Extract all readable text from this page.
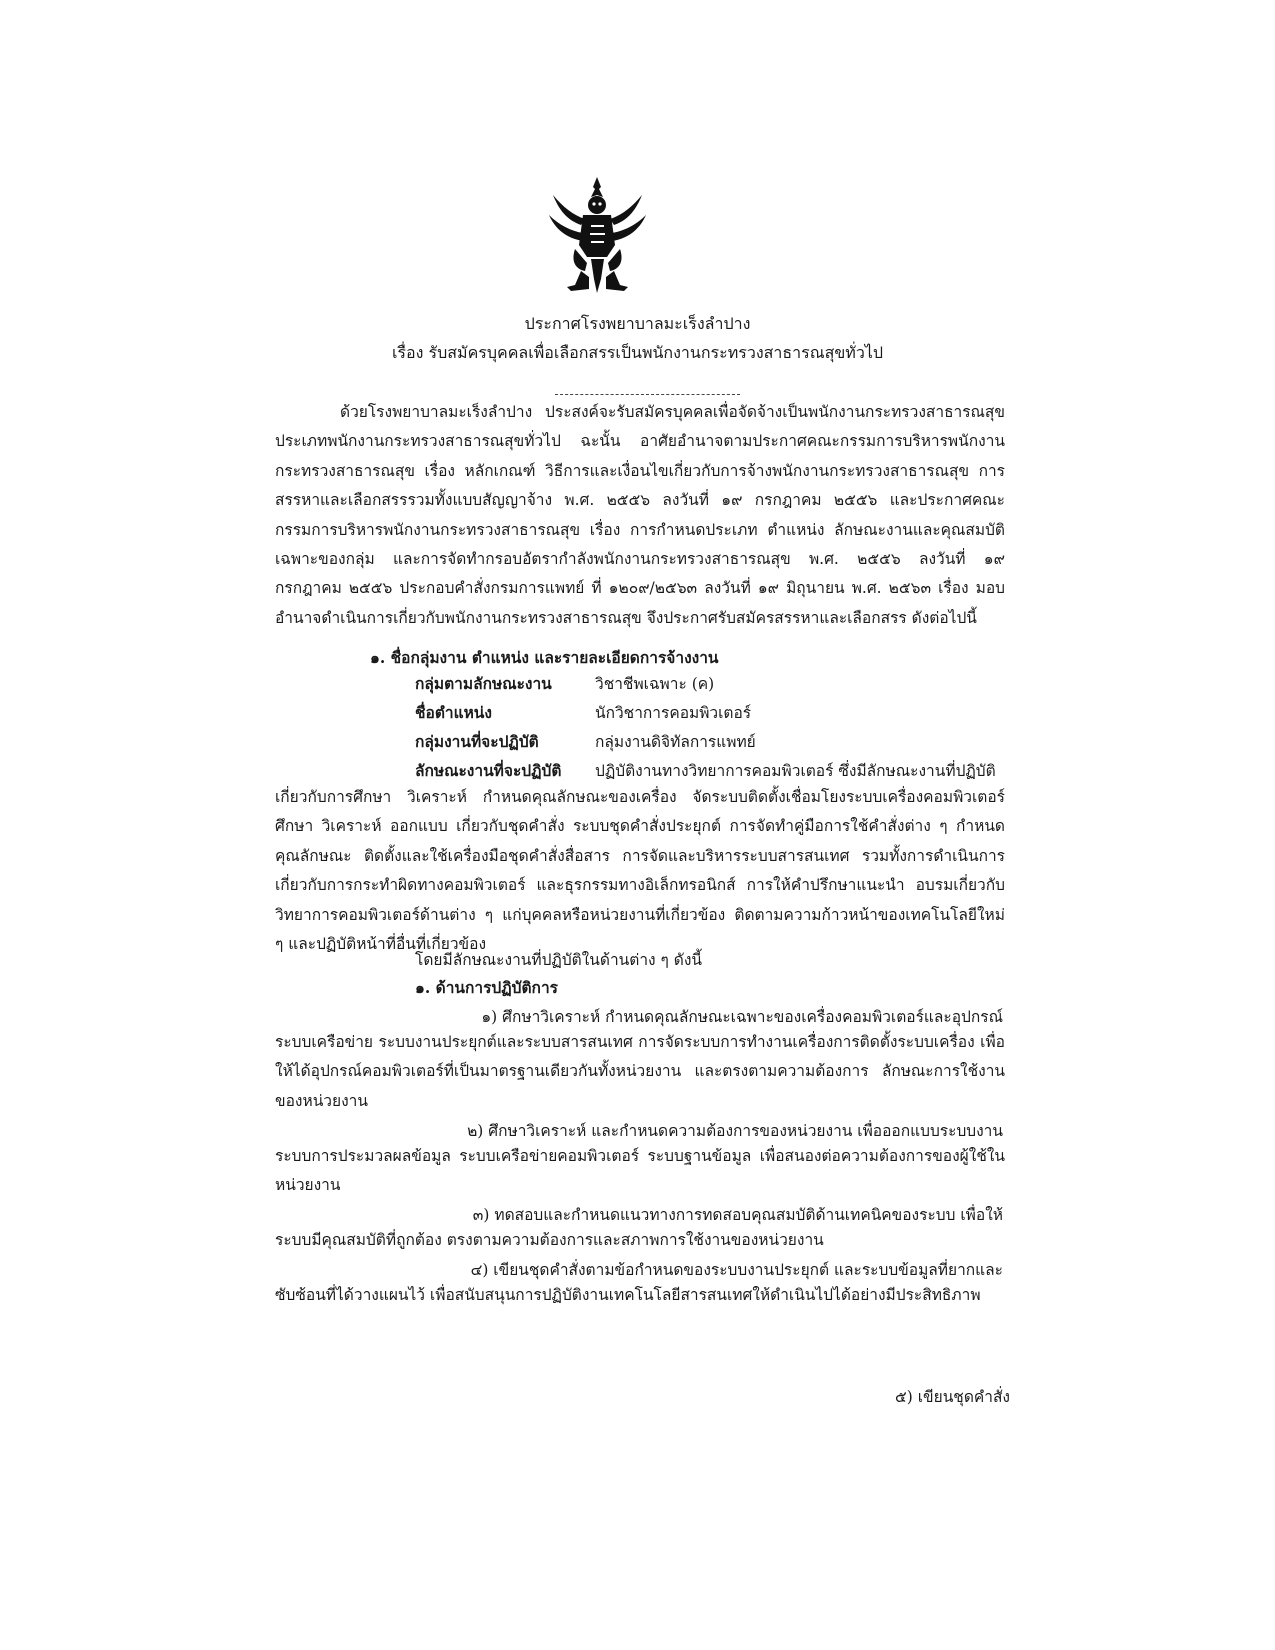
ประกาศโรงพยาบาลมะเร็งลำปาง
เรื่อง รับสมัครบุคคลเพื่อเลือกสรรเป็นพนักงานกระทรวงสาธารณสุขทั่วไป

ด้วยโรงพยาบาลมะเร็งลำปาง ประสงค์จะรับสมัครบุคคลเพื่อจัดจ้างเป็นพนักงานกระทรวงสาธารณสุข ประเภทพนักงานกระทรวงสาธารณสุขทั่วไป ฉะนั้น อาศัยอำนาจตามประกาศคณะกรรมการบริหารพนักงานกระทรวงสาธารณสุข เรื่อง หลักเกณฑ์ วิธีการและเงื่อนไขเกี่ยวกับการจ้างพนักงานกระทรวงสาธารณสุข การสรรหาและเลือกสรรรวมทั้งแบบสัญญาจ้าง พ.ศ. ๒๕๕๖ ลงวันที่ ๑๙ กรกฎาคม ๒๕๕๖ และประกาศคณะกรรมการบริหารพนักงานกระทรวงสาธารณสุข เรื่อง การกำหนดประเภท ตำแหน่ง ลักษณะงานและคุณสมบัติเฉพาะของกลุ่ม และการจัดทำกรอบอัตรากำลังพนักงานกระทรวงสาธารณสุข พ.ศ. ๒๕๕๖ ลงวันที่ ๑๙ กรกฎาคม ๒๕๕๖ ประกอบคำสั่งกรมการแพทย์ ที่ ๑๒๐๙/๒๕๖๓ ลงวันที่ ๑๙ มิถุนายน พ.ศ. ๒๕๖๓ เรื่อง มอบอำนาจดำเนินการเกี่ยวกับพนักงานกระทรวงสาธารณสุข จึงประกาศรับสมัครสรรหาและเลือกสรร ดังต่อไปนี้

๑. ชื่อกลุ่มงาน ตำแหน่ง และรายละเอียดการจ้างงาน
กลุ่มตามลักษณะงาน	วิชาชีพเฉพาะ (ค)
ชื่อตำแหน่ง	นักวิชาการคอมพิวเตอร์
กลุ่มงานที่จะปฏิบัติ	กลุ่มงานดิจิทัลการแพทย์
ลักษณะงานที่จะปฏิบัติ ปฏิบัติงานทางวิทยาการคอมพิวเตอร์ ซึ่งมีลักษณะงานที่ปฏิบัติ

เกี่ยวกับการศึกษา วิเคราะห์ กำหนดคุณลักษณะของเครื่อง จัดระบบติดตั้งเชื่อมโยงระบบเครื่องคอมพิวเตอร์ ศึกษา วิเคราะห์ ออกแบบ เกี่ยวกับชุดคำสั่ง ระบบชุดคำสั่งประยุกต์ การจัดทำคู่มือการใช้คำสั่งต่าง ๆ กำหนดคุณลักษณะ ติดตั้งและใช้เครื่องมือชุดคำสั่งสื่อสาร การจัดและบริหารระบบสารสนเทศ รวมทั้งการดำเนินการเกี่ยวกับการกระทำผิดทางคอมพิวเตอร์ และธุรกรรมทางอิเล็กทรอนิกส์ การให้คำปรึกษาแนะนำ อบรมเกี่ยวกับวิทยาการคอมพิวเตอร์ด้านต่าง ๆ แก่บุคคลหรือหน่วยงานที่เกี่ยวข้อง ติดตามความก้าวหน้าของเทคโนโลยีใหม่ ๆ และปฏิบัติหน้าที่อื่นที่เกี่ยวข้อง

โดยมีลักษณะงานที่ปฏิบัติในด้านต่าง ๆ ดังนี้
๑. ด้านการปฏิบัติการ
๑) ศึกษาวิเคราะห์ กำหนดคุณลักษณะเฉพาะของเครื่องคอมพิวเตอร์และอุปกรณ์

ระบบเครือข่าย ระบบงานประยุกต์และระบบสารสนเทศ การจัดระบบการทำงานเครื่องการติดตั้งระบบเครื่อง เพื่อให้ได้อุปกรณ์คอมพิวเตอร์ที่เป็นมาตรฐานเดียวกันทั้งหน่วยงาน และตรงตามความต้องการ ลักษณะการใช้งานของหน่วยงาน

๒) ศึกษาวิเคราะห์ และกำหนดความต้องการของหน่วยงาน เพื่อออกแบบระบบงาน

ระบบการประมวลผลข้อมูล ระบบเครือข่ายคอมพิวเตอร์ ระบบฐานข้อมูล เพื่อสนองต่อความต้องการของผู้ใช้ในหน่วยงาน

๓) ทดสอบและกำหนดแนวทางการทดสอบคุณสมบัติด้านเทคนิคของระบบ เพื่อให้

ระบบมีคุณสมบัติที่ถูกต้อง ตรงตามความต้องการและสภาพการใช้งานของหน่วยงาน

๔) เขียนชุดคำสั่งตามข้อกำหนดของระบบงานประยุกต์ และระบบข้อมูลที่ยากและ

ซับซ้อนที่ได้วางแผนไว้ เพื่อสนับสนุนการปฏิบัติงานเทคโนโลยีสารสนเทศให้ดำเนินไปได้อย่างมีประสิทธิภาพ

๕) เขียนชุดคำสั่ง
